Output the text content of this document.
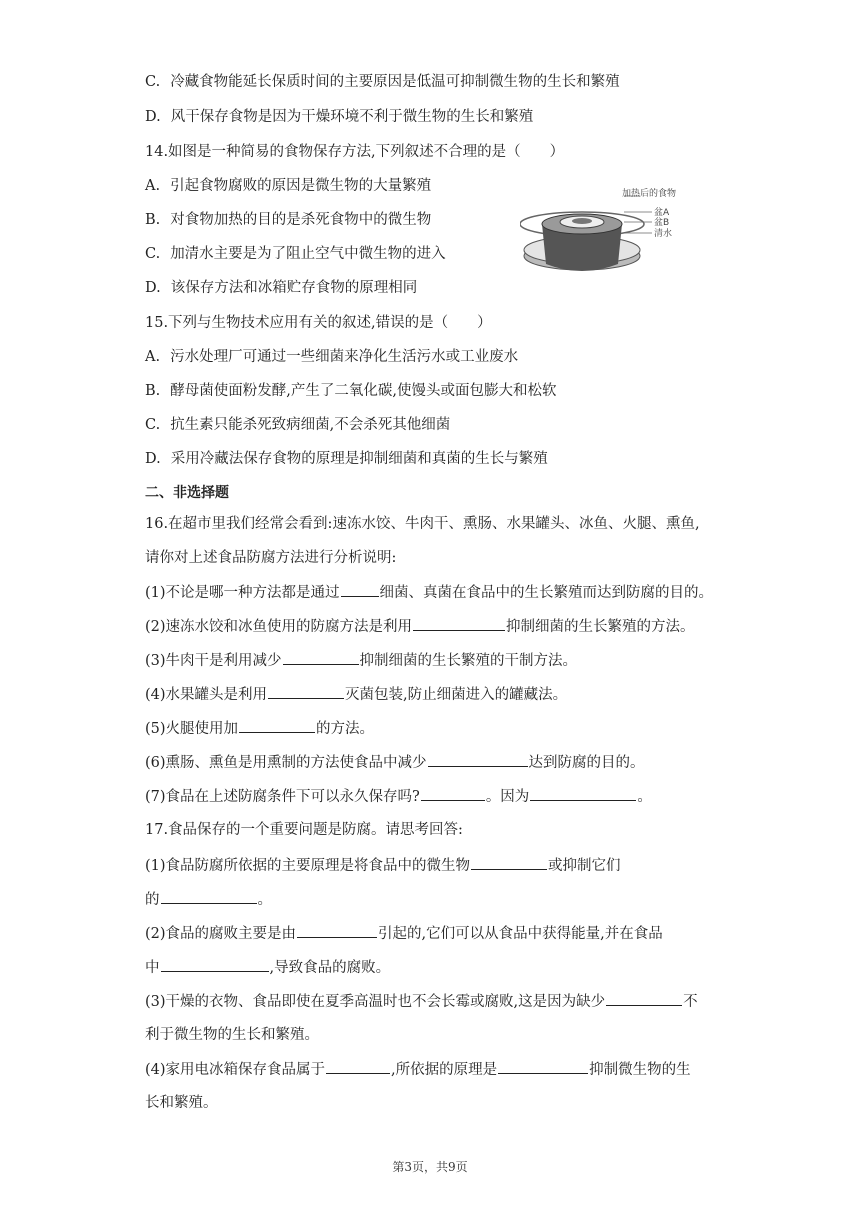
C. 冷藏食物能延长保质时间的主要原因是低温可抑制微生物的生长和繁殖
D. 风干保存食物是因为干燥环境不利于微生物的生长和繁殖
14.如图是一种简易的食物保存方法,下列叙述不合理的是（　　）
A. 引起食物腐败的原因是微生物的大量繁殖
B. 对食物加热的目的是杀死食物中的微生物
C. 加清水主要是为了阻止空气中微生物的进入
D. 该保存方法和冰箱贮存食物的原理相同
加热后的食物
盆A
盆B
清水
15.下列与生物技术应用有关的叙述,错误的是（　　）
A. 污水处理厂可通过一些细菌来净化生活污水或工业废水
B. 酵母菌使面粉发酵,产生了二氧化碳,使馒头或面包膨大和松软
C. 抗生素只能杀死致病细菌,不会杀死其他细菌
D. 采用冷藏法保存食物的原理是抑制细菌和真菌的生长与繁殖
二、非选择题
16.在超市里我们经常会看到:速冻水饺、牛肉干、熏肠、水果罐头、冰鱼、火腿、熏鱼,
请你对上述食品防腐方法进行分析说明:
(1)不论是哪一种方法都是通过	细菌、真菌在食品中的生长繁殖而达到防腐的目的。
(2)速冻水饺和冰鱼使用的防腐方法是利用	抑制细菌的生长繁殖的方法。
(3)牛肉干是利用减少	抑制细菌的生长繁殖的干制方法。
(4)水果罐头是利用	灭菌包装,防止细菌进入的罐藏法。
(5)火腿使用加	的方法。
(6)熏肠、熏鱼是用熏制的方法使食品中减少	达到防腐的目的。
(7)食品在上述防腐条件下可以永久保存吗?	。因为	。
17.食品保存的一个重要问题是防腐。请思考回答:
(1)食品防腐所依据的主要原理是将食品中的微生物	或抑制它们
的	。
(2)食品的腐败主要是由	引起的,它们可以从食品中获得能量,并在食品
中	,导致食品的腐败。
(3)干燥的衣物、食品即使在夏季高温时也不会长霉或腐败,这是因为缺少	不
利于微生物的生长和繁殖。
(4)家用电冰箱保存食品属于	,所依据的原理是	抑制微生物的生
长和繁殖。
第3页，共9页
